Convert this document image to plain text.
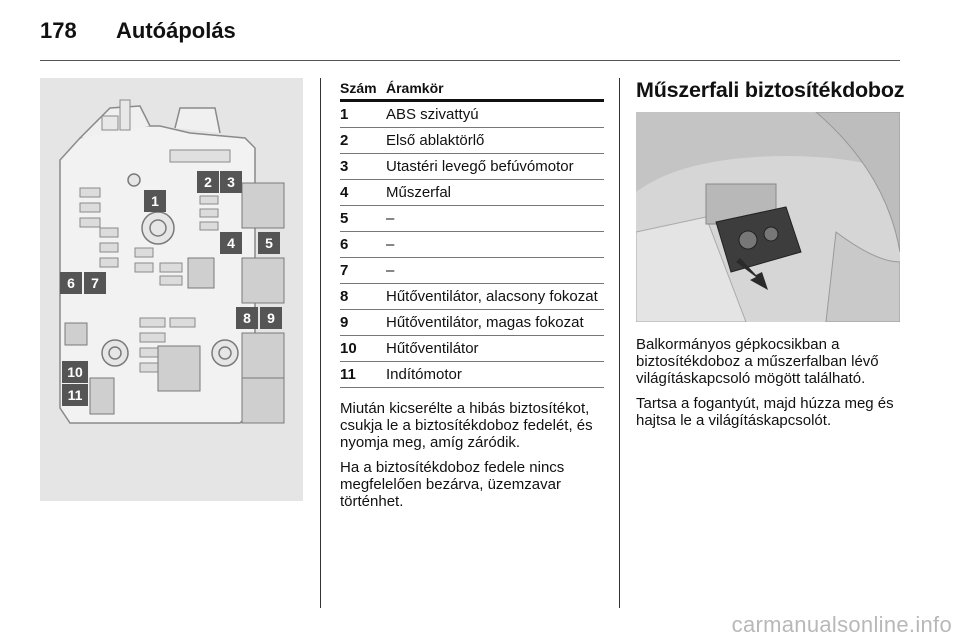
178	Autóápolás
1
2 3
4 5
6 7
8 9
10
11
Szám Áramkör
1	ABS szivattyú
2	Első ablaktörlő
3	Utastéri levegő befúvómotor
4	Műszerfal
5	–
6	–
7	–
8	Hűtőventilátor, alacsony fokozat
9	Hűtőventilátor, magas fokozat
10	Hűtőventilátor
11	Indítómotor

Miután kicserélte a hibás biztosítékot, csukja le a biztosítékdoboz fedelét, és nyomja meg, amíg záródik.

Ha a biztosítékdoboz fedele nincs megfelelően bezárva, üzemzavar történhet.

Műszerfali biztosítékdoboz

Balkormányos gépkocsikban a biztosítékdoboz a műszerfalban lévő világításkapcsoló mögött található.

Tartsa a fogantyút, majd húzza meg és hajtsa le a világításkapcsolót.

carmanualsonline.info
